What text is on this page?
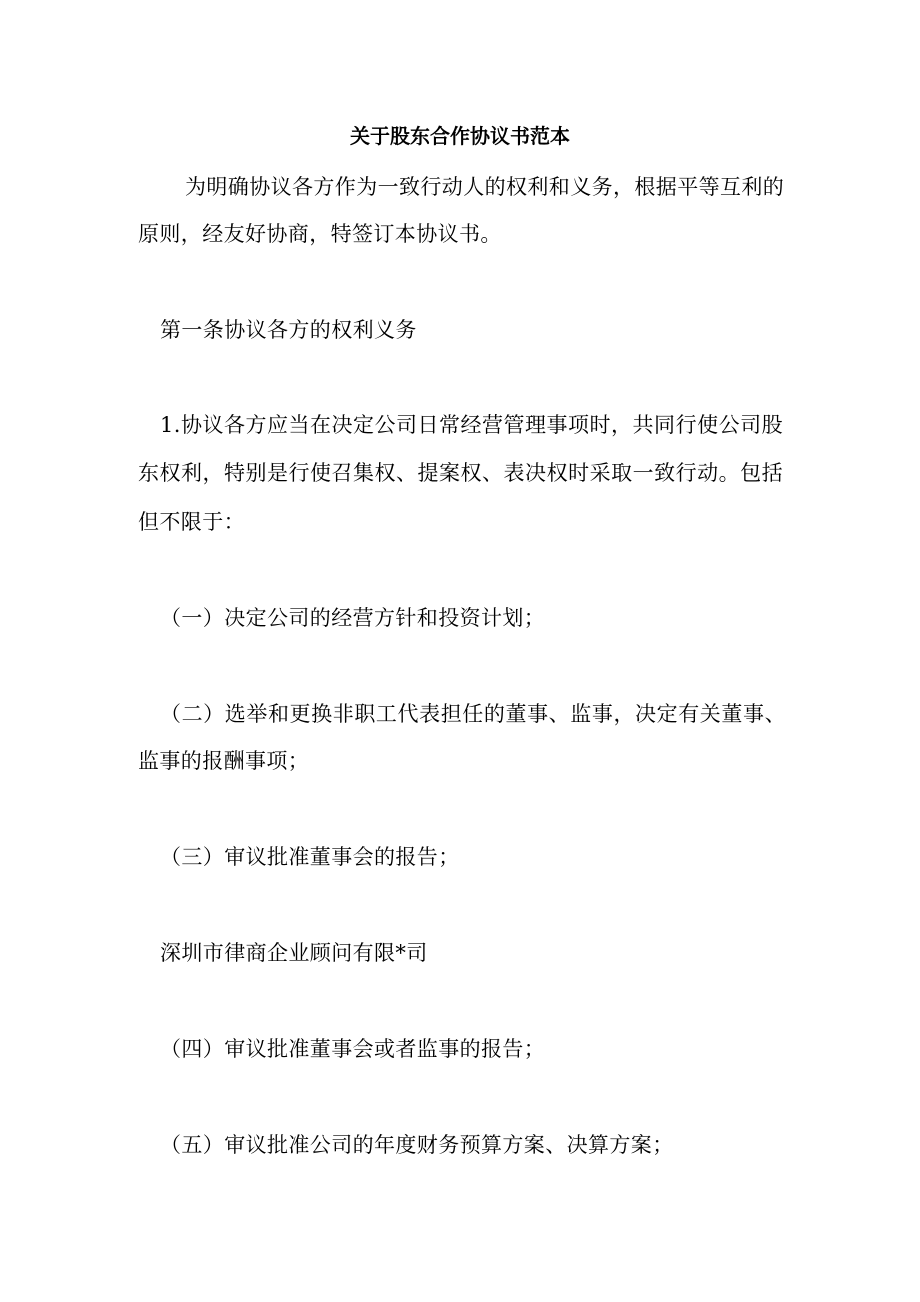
关于股东合作协议书范本
为明确协议各方作为一致行动人的权利和义务，根据平等互利的
原则，经友好协商，特签订本协议书。
第一条协议各方的权利义务
1.协议各方应当在决定公司日常经营管理事项时，共同行使公司股
东权利，特别是行使召集权、提案权、表决权时采取一致行动。包括
但不限于：
（一）决定公司的经营方针和投资计划；
（二）选举和更换非职工代表担任的董事、监事，决定有关董事、
监事的报酬事项；
（三）审议批准董事会的报告；
深圳市律商企业顾问有限*司
（四）审议批准董事会或者监事的报告；
（五）审议批准公司的年度财务预算方案、决算方案；
